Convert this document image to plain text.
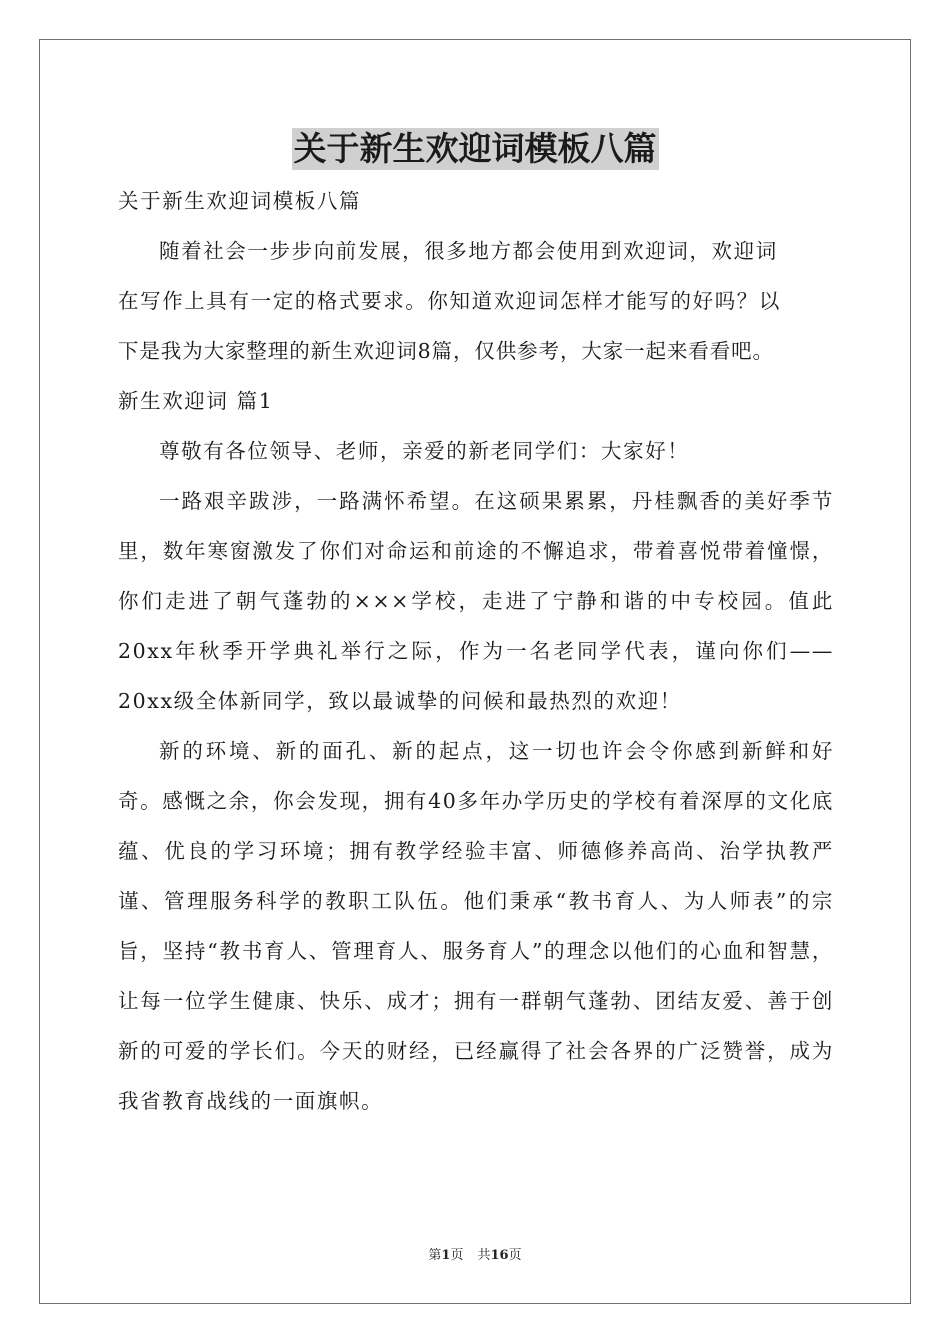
关于新生欢迎词模板八篇
关于新生欢迎词模板八篇
随着社会一步步向前发展，很多地方都会使用到欢迎词，欢迎词
在写作上具有一定的格式要求。你知道欢迎词怎样才能写的好吗？以
下是我为大家整理的新生欢迎词8篇，仅供参考，大家一起来看看吧。
新生欢迎词 篇1
尊敬有各位领导、老师，亲爱的新老同学们：大家好！

一路艰辛跋涉，一路满怀希望。在这硕果累累，丹桂飘香的美好季节里，数年寒窗激发了你们对命运和前途的不懈追求，带着喜悦带着憧憬，你们走进了朝气蓬勃的×××学校，走进了宁静和谐的中专校园。值此20xx年秋季开学典礼举行之际，作为一名老同学代表，谨向你们——20xx级全体新同学，致以最诚挚的问候和最热烈的欢迎！

新的环境、新的面孔、新的起点，这一切也许会令你感到新鲜和好奇。感慨之余，你会发现，拥有40多年办学历史的学校有着深厚的文化底蕴、优良的学习环境；拥有教学经验丰富、师德修养高尚、治学执教严谨、管理服务科学的教职工队伍。他们秉承“教书育人、为人师表”的宗旨，坚持“教书育人、管理育人、服务育人”的理念以他们的心血和智慧，让每一位学生健康、快乐、成才；拥有一群朝气蓬勃、团结友爱、善于创新的可爱的学长们。今天的财经，已经赢得了社会各界的广泛赞誉，成为我省教育战线的一面旗帜。

第1页 共16页
